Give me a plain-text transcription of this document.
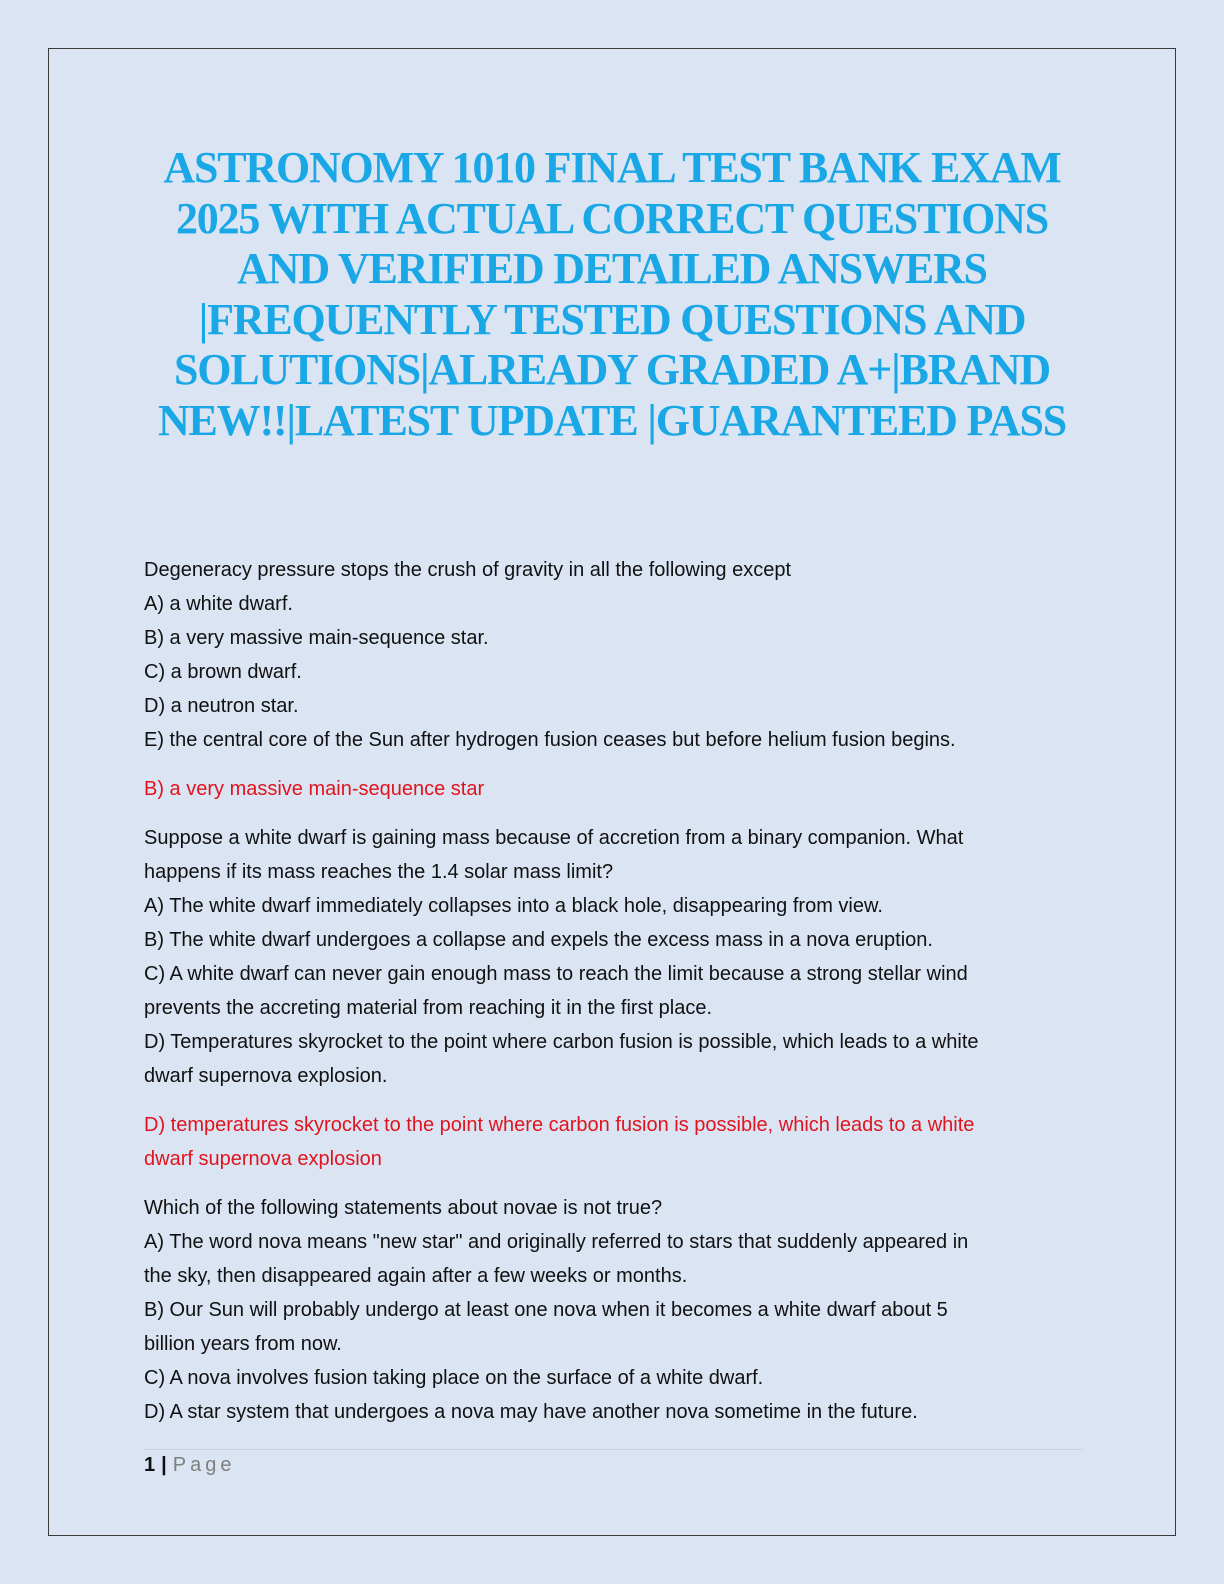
ASTRONOMY 1010 FINAL TEST BANK EXAM
2025 WITH ACTUAL CORRECT QUESTIONS
AND VERIFIED DETAILED ANSWERS
|FREQUENTLY TESTED QUESTIONS AND
SOLUTIONS|ALREADY GRADED A+|BRAND
NEW!!|LATEST UPDATE |GUARANTEED PASS
Degeneracy pressure stops the crush of gravity in all the following except
A) a white dwarf.
B) a very massive main-sequence star.
C) a brown dwarf.
D) a neutron star.
E) the central core of the Sun after hydrogen fusion ceases but before helium fusion begins.
B) a very massive main-sequence star
Suppose a white dwarf is gaining mass because of accretion from a binary companion. What
happens if its mass reaches the 1.4 solar mass limit?
A) The white dwarf immediately collapses into a black hole, disappearing from view.
B) The white dwarf undergoes a collapse and expels the excess mass in a nova eruption.
C) A white dwarf can never gain enough mass to reach the limit because a strong stellar wind
prevents the accreting material from reaching it in the first place.
D) Temperatures skyrocket to the point where carbon fusion is possible, which leads to a white
dwarf supernova explosion.
D) temperatures skyrocket to the point where carbon fusion is possible, which leads to a white
dwarf supernova explosion
Which of the following statements about novae is not true?
A) The word nova means "new star" and originally referred to stars that suddenly appeared in
the sky, then disappeared again after a few weeks or months.
B) Our Sun will probably undergo at least one nova when it becomes a white dwarf about 5
billion years from now.
C) A nova involves fusion taking place on the surface of a white dwarf.
D) A star system that undergoes a nova may have another nova sometime in the future.
1 | Page
